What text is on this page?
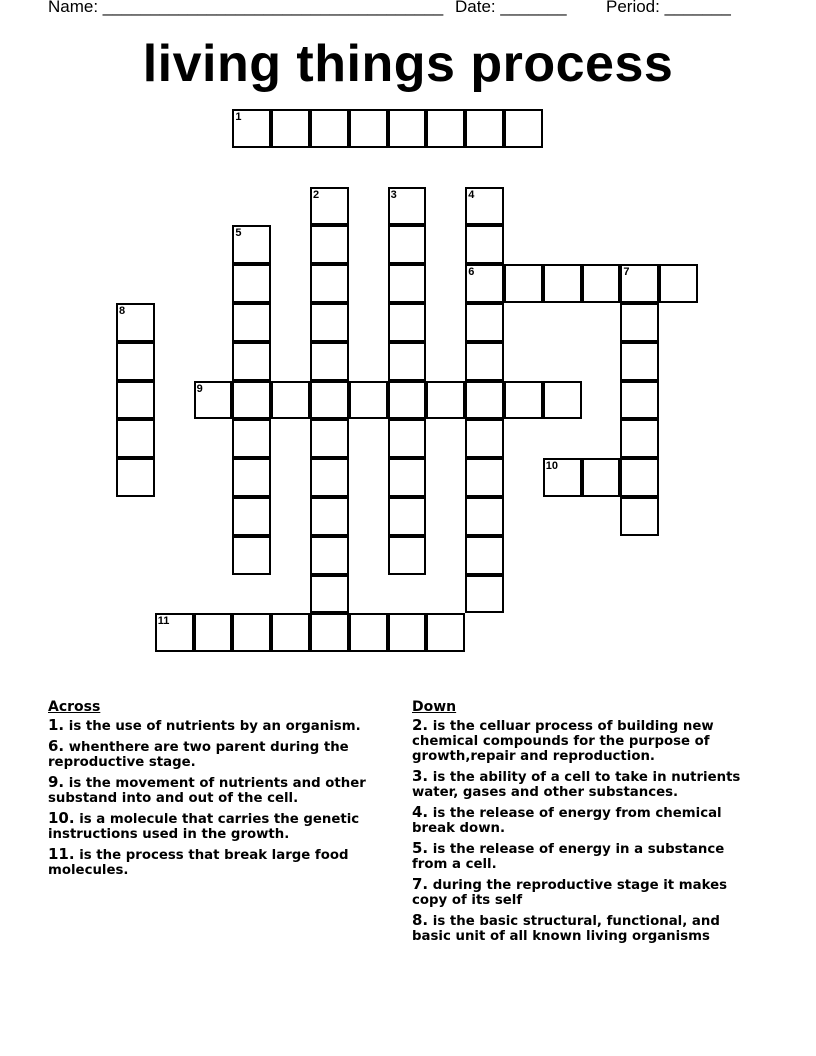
Name: ____________________________________

Date: _______

Period: _______

living things process
1
2	3	4
6
5
7
8
9
10
11
Across
1. is the use of nutrients by an organism.
6. whenthere are two parent during the reproductive stage.
9. is the movement of nutrients and other substand into and out of the cell.
10. is a molecule that carries the genetic instructions used in the growth.
11. is the process that break large food molecules.
Down
2. is the celluar process of building new chemical compounds for the purpose of growth,repair and reproduction.
3. is the ability of a cell to take in nutrients water, gases and other substances.
4. is the release of energy from chemical break down.
5. is the release of energy in a substance from a cell.
7. during the reproductive stage it makes copy of its self
8. is the basic structural, functional, and basic unit of all known living organisms
